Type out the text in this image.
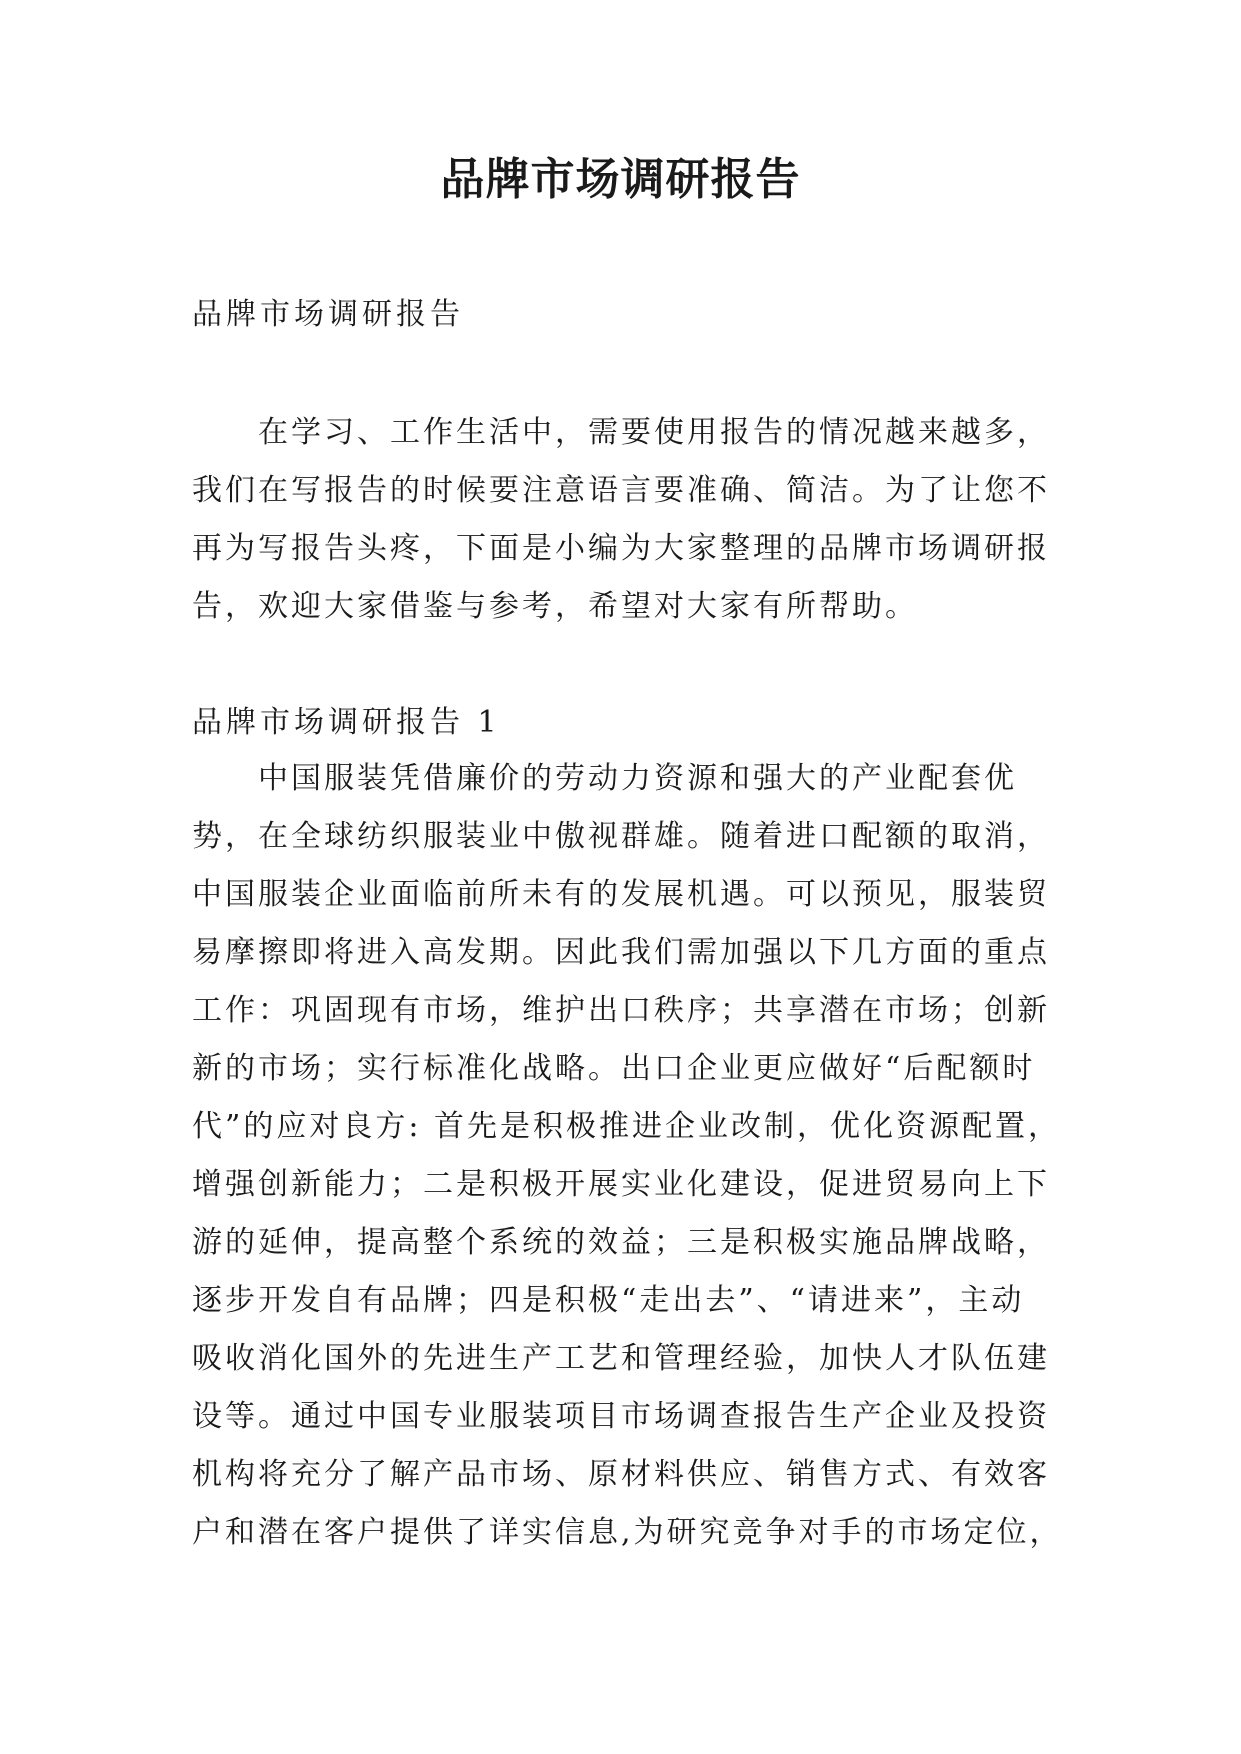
品牌市场调研报告

品牌市场调研报告

　　在学习、工作生活中，需要使用报告的情况越来越多，
我们在写报告的时候要注意语言要准确、简洁。为了让您不
再为写报告头疼，下面是小编为大家整理的品牌市场调研报
告，欢迎大家借鉴与参考，希望对大家有所帮助。

品牌市场调研报告 1

　　中国服装凭借廉价的劳动力资源和强大的产业配套优
势，在全球纺织服装业中傲视群雄。随着进口配额的取消，
中国服装企业面临前所未有的发展机遇。可以预见，服装贸
易摩擦即将进入高发期。因此我们需加强以下几方面的重点
工作：巩固现有市场，维护出口秩序；共享潜在市场；创新
新的市场；实行标准化战略。出口企业更应做好“后配额时
代”的应对良方: 首先是积极推进企业改制，优化资源配置，
增强创新能力；二是积极开展实业化建设，促进贸易向上下
游的延伸，提高整个系统的效益；三是积极实施品牌战略，
逐步开发自有品牌；四是积极“走出去”、“请进来”，主动
吸收消化国外的先进生产工艺和管理经验，加快人才队伍建
设等。通过中国专业服装项目市场调查报告生产企业及投资
机构将充分了解产品市场、原材料供应、销售方式、有效客
户和潜在客户提供了详实信息,为研究竞争对手的市场定位，
